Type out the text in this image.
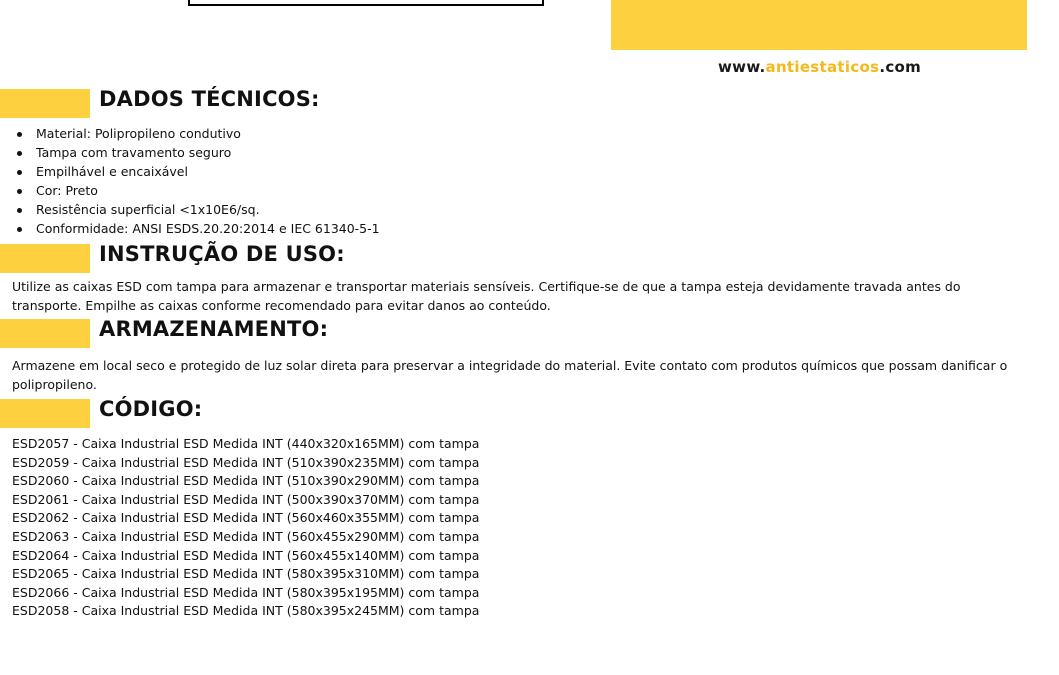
www.antiestaticos.com
DADOS TÉCNICOS:
Material: Polipropileno condutivo
Tampa com travamento seguro
Empilhável e encaixável
Cor: Preto
Resistência superficial <1x10E6/sq.
Conformidade: ANSI ESDS.20.20:2014 e IEC 61340-5-1
INSTRUÇÃO DE USO:

Utilize as caixas ESD com tampa para armazenar e transportar materiais sensíveis. Certifique-se de que a tampa esteja devidamente travada antes do transporte. Empilhe as caixas conforme recomendado para evitar danos ao conteúdo.

ARMAZENAMENTO:

Armazene em local seco e protegido de luz solar direta para preservar a integridade do material. Evite contato com produtos químicos que possam danificar o polipropileno.

CÓDIGO:
ESD2057 - Caixa Industrial ESD Medida INT (440x320x165MM) com tampa
ESD2059 - Caixa Industrial ESD Medida INT (510x390x235MM) com tampa
ESD2060 - Caixa Industrial ESD Medida INT (510x390x290MM) com tampa
ESD2061 - Caixa Industrial ESD Medida INT (500x390x370MM) com tampa
ESD2062 - Caixa Industrial ESD Medida INT (560x460x355MM) com tampa
ESD2063 - Caixa Industrial ESD Medida INT (560x455x290MM) com tampa
ESD2064 - Caixa Industrial ESD Medida INT (560x455x140MM) com tampa
ESD2065 - Caixa Industrial ESD Medida INT (580x395x310MM) com tampa
ESD2066 - Caixa Industrial ESD Medida INT (580x395x195MM) com tampa
ESD2058 - Caixa Industrial ESD Medida INT (580x395x245MM) com tampa
